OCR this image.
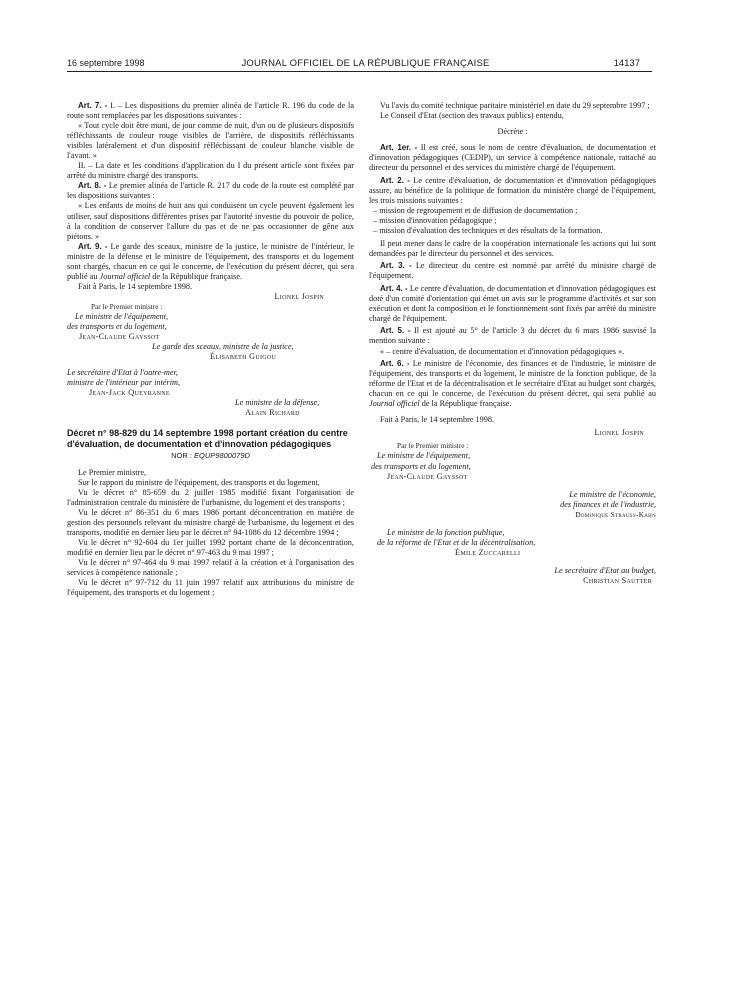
16 septembre 1998	JOURNAL OFFICIEL DE LA RÉPUBLIQUE FRANÇAISE	14137

Art. 7. - I. – Les dispositions du premier alinéa de l'article R. 196 du code de la route sont remplacées par les dispositions suivantes :

« Tout cycle doit être muni, de jour comme de nuit, d'un ou de plusieurs dispositifs réfléchissants de couleur rouge visibles de l'arrière, de dispositifs réfléchissants visibles latéralement et d'un dispositif réfléchissant de couleur blanche visible de l'avant. »

II. – La date et les conditions d'application du I du présent article sont fixées par arrêté du ministre chargé des transports.

Art. 8. - Le premier alinéa de l'article R. 217 du code de la route est complété par les dispositions suivantes :

« Les enfants de moins de huit ans qui conduisent un cycle peuvent également les utiliser, sauf dispositions différentes prises par l'autorité investie du pouvoir de police, à la condition de conserver l'allure du pas et de ne pas occasionner de gêne aux piétons. »

Art. 9. - Le garde des sceaux, ministre de la justice, le ministre de l'intérieur, le ministre de la défense et le ministre de l'équipement, des transports et du logement sont chargés, chacun en ce qui le concerne, de l'exécution du présent décret, qui sera publié au Journal officiel de la République française.

Fait à Paris, le 14 septembre 1998.

Lionel Jospin

Par le Premier ministre :

Le ministre de l'équipement,

des transports et du logement,

Jean-Claude Gayssot

Le garde des sceaux, ministre de la justice,

Élisabeth Guigou

Le secrétaire d'Etat à l'outre-mer,

ministre de l'intérieur par intérim,

Jean-Jack Queyranne

Le ministre de la défense,

Alain Richard

Décret n° 98-829 du 14 septembre 1998 portant création du centre d'évaluation, de documentation et d'innovation pédagogiques

NOR : EQUP9800079D

Le Premier ministre,

Sur le rapport du ministre de l'équipement, des transports et du logement,

Vu le décret n° 85-659 du 2 juillet 1985 modifié fixant l'organisation de l'administration centrale du ministère de l'urbanisme, du logement et des transports ;

Vu le décret n° 86-351 du 6 mars 1986 portant déconcentration en matière de gestion des personnels relevant du ministre chargé de l'urbanisme, du logement et des transports, modifié en dernier lieu par le décret n° 94-1086 du 12 décembre 1994 ;

Vu le décret n° 92-604 du 1er juillet 1992 portant charte de la déconcentration, modifié en dernier lieu par le décret n° 97-463 du 9 mai 1997 ;

Vu le décret n° 97-464 du 9 mai 1997 relatif à la création et à l'organisation des services à compétence nationale ;

Vu le décret n° 97-712 du 11 juin 1997 relatif aux attributions du ministre de l'équipement, des transports et du logement ;

Vu l'avis du comité technique paritaire ministériel en date du 29 septembre 1997 ;

Le Conseil d'Etat (section des travaux publics) entendu,

Décrète :

Art. 1er. - Il est créé, sous le nom de centre d'évaluation, de documentation et d'innovation pédagogiques (CEDIP), un service à compétence nationale, rattaché au directeur du personnel et des services du ministère chargé de l'équipement.

Art. 2. - Le centre d'évaluation, de documentation et d'innovation pédagogiques assure, au bénéfice de la politique de formation du ministère chargé de l'équipement, les trois missions suivantes :

– mission de regroupement et de diffusion de documentation ;

– mission d'innovation pédagogique ;

– mission d'évaluation des techniques et des résultats de la formation.

Il peut mener dans le cadre de la coopération internationale les actions qui lui sont demandées par le directeur du personnel et des services.

Art. 3. - Le directeur du centre est nommé par arrêté du ministre chargé de l'équipement.

Art. 4. - Le centre d'évaluation, de documentation et d'innovation pédagogiques est doté d'un comité d'orientation qui émet un avis sur le programme d'activités et sur son exécution et dont la composition et le fonctionnement sont fixés par arrêté du ministre chargé de l'équipement.

Art. 5. - Il est ajouté au 5° de l'article 3 du décret du 6 mars 1986 susvisé la mention suivante :

« – centre d'évaluation, de documentation et d'innovation pédagogiques ».

Art. 6. - Le ministre de l'économie, des finances et de l'industrie, le ministre de l'équipement, des transports et du logement, le ministre de la fonction publique, de la réforme de l'Etat et de la décentralisation et le secrétaire d'Etat au budget sont chargés, chacun en ce qui le concerne, de l'exécution du présent décret, qui sera publié au Journal officiel de la République française.

Fait à Paris, le 14 septembre 1998.

Lionel Jospin

Par le Premier ministre :

Le ministre de l'équipement,

des transports et du logement,

Jean-Claude Gayssot

Le ministre de l'économie,

des finances et de l'industrie,

Dominique Strauss-Kahn

Le ministre de la fonction publique,

de la réforme de l'Etat et de la décentralisation,

Émile Zuccarelli

Le secrétaire d'Etat au budget,

Christian Sautter
